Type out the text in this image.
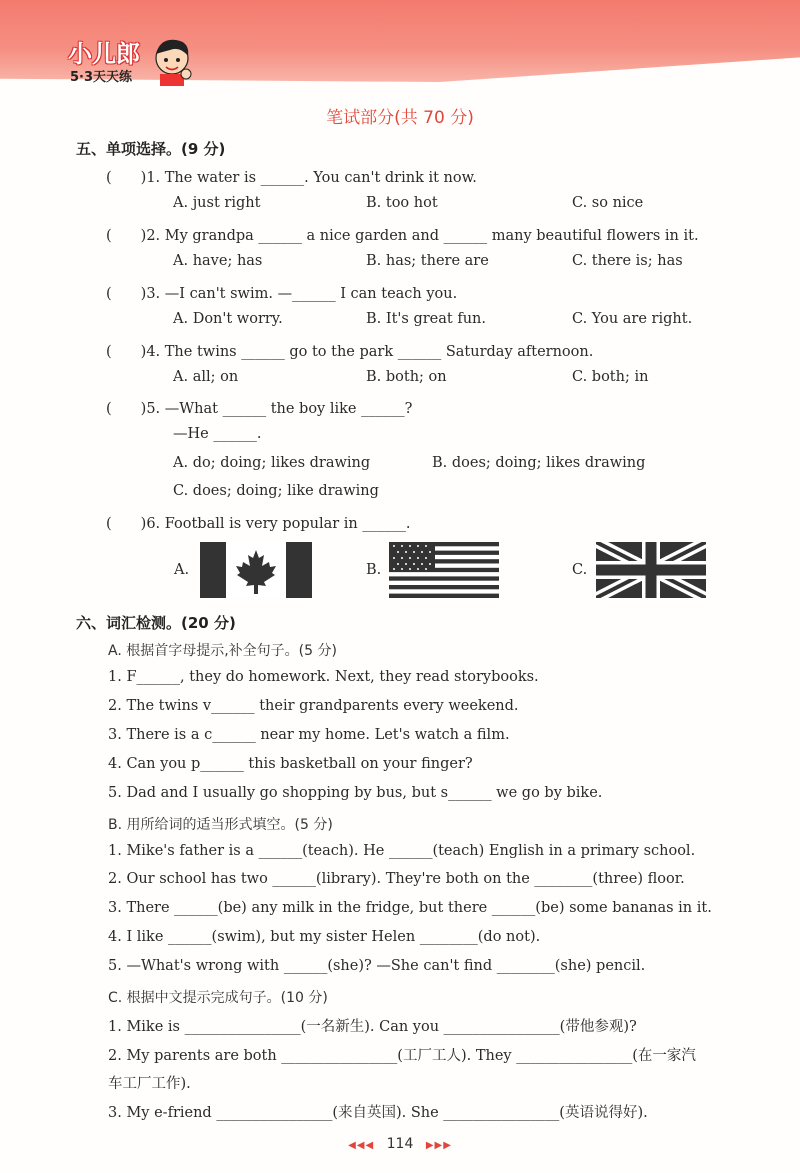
小儿郎
5·3天天练
笔试部分(共 70 分)
五、单项选择。(9 分)
(　　)1. The water is ______. You can't drink it now.
A. just right	B. too hot	C. so nice
(　　)2. My grandpa ______ a nice garden and ______ many beautiful flowers in it.
A. have; has	B. has; there are	C. there is; has
(　　)3. —I can't swim. —______ I can teach you.
A. Don't worry.	B. It's great fun.	C. You are right.
(　　)4. The twins ______ go to the park ______ Saturday afternoon.
A. all; on	B. both; on	C. both; in
(　　)5. —What ______ the boy like ______?
—He ______.
A. do; doing; likes drawing	B. does; doing; likes drawing
C. does; doing; like drawing
(　　)6. Football is very popular in ______.
A.	B.	C.
六、词汇检测。(20 分)
A. 根据首字母提示,补全句子。(5 分)
1. F______, they do homework. Next, they read storybooks.
2. The twins v______ their grandparents every weekend.
3. There is a c______ near my home. Let's watch a film.
4. Can you p______ this basketball on your finger?
5. Dad and I usually go shopping by bus, but s______ we go by bike.
B. 用所给词的适当形式填空。(5 分)
1. Mike's father is a ______(teach). He ______(teach) English in a primary school.
2. Our school has two ______(library). They're both on the ________(three) floor.
3. There ______(be) any milk in the fridge, but there ______(be) some bananas in it.
4. I like ______(swim), but my sister Helen ________(do not).
5. —What's wrong with ______(she)? —She can't find ________(she) pencil.
C. 根据中文提示完成句子。(10 分)
1. Mike is ________________(一名新生). Can you ________________(带他参观)?
2. My parents are both ________________(工厂工人). They ________________(在一家汽
车工厂工作).
3. My e-friend ________________(来自英国). She ________________(英语说得好).
◀◀◀ 114 ▶▶▶
